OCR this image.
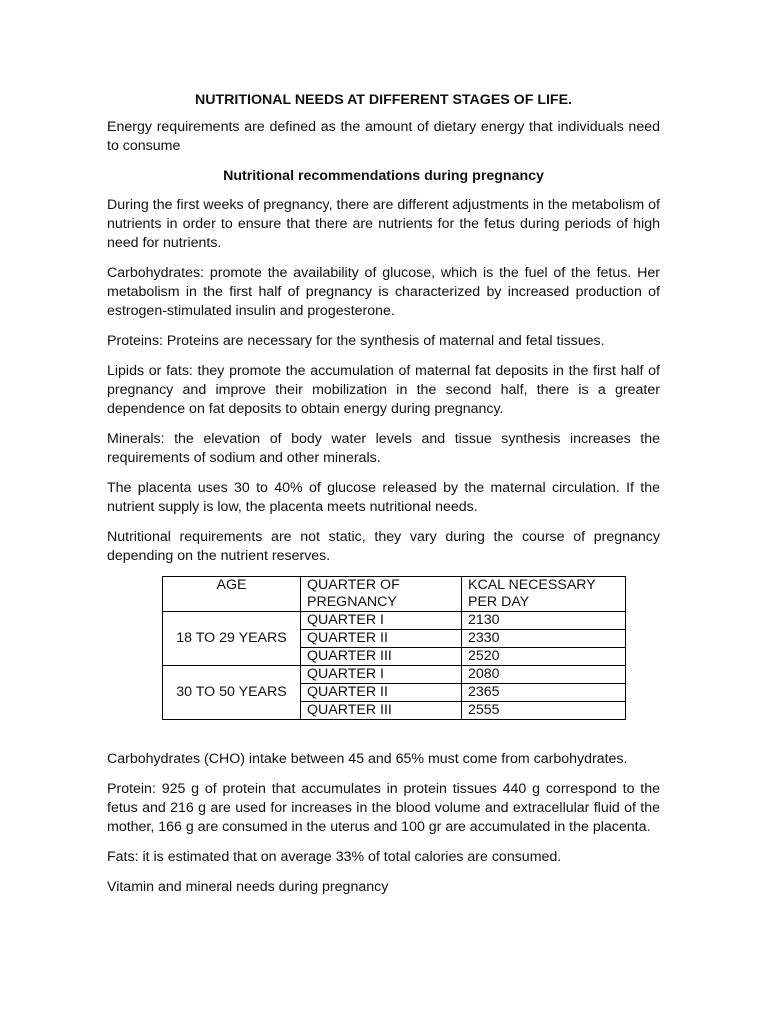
NUTRITIONAL NEEDS AT DIFFERENT STAGES OF LIFE.

Energy requirements are defined as the amount of dietary energy that individuals need to consume

Nutritional recommendations during pregnancy

During the first weeks of pregnancy, there are different adjustments in the metabolism of nutrients in order to ensure that there are nutrients for the fetus during periods of high need for nutrients.

Carbohydrates: promote the availability of glucose, which is the fuel of the fetus. Her metabolism in the first half of pregnancy is characterized by increased production of estrogen-stimulated insulin and progesterone.

Proteins: Proteins are necessary for the synthesis of maternal and fetal tissues.

Lipids or fats: they promote the accumulation of maternal fat deposits in the first half of pregnancy and improve their mobilization in the second half, there is a greater dependence on fat deposits to obtain energy during pregnancy.

Minerals: the elevation of body water levels and tissue synthesis increases the requirements of sodium and other minerals.

The placenta uses 30 to 40% of glucose released by the maternal circulation. If the nutrient supply is low, the placenta meets nutritional needs.

Nutritional requirements are not static, they vary during the course of pregnancy depending on the nutrient reserves.

AGE	QUARTER OF PREGNANCY	KCAL NECESSARY PER DAY
18 TO 29 YEARS	QUARTER I	2130
	QUARTER II	2330
	QUARTER III	2520
30 TO 50 YEARS	QUARTER I	2080
	QUARTER II	2365
	QUARTER III	2555

Carbohydrates (CHO) intake between 45 and 65% must come from carbohydrates.

Protein: 925 g of protein that accumulates in protein tissues 440 g correspond to the fetus and 216 g are used for increases in the blood volume and extracellular fluid of the mother, 166 g are consumed in the uterus and 100 gr are accumulated in the placenta.

Fats: it is estimated that on average 33% of total calories are consumed.

Vitamin and mineral needs during pregnancy
